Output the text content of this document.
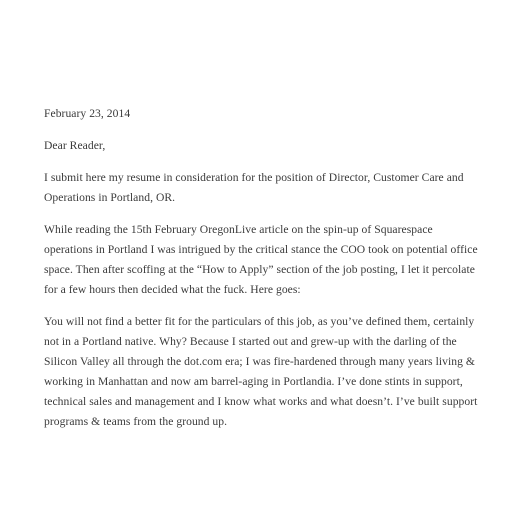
February 23, 2014

Dear Reader,

I submit here my resume in consideration for the position of Director, Customer Care and Operations in Portland, OR.

While reading the 15th February OregonLive article on the spin-up of Squarespace operations in Portland I was intrigued by the critical stance the COO took on potential office space. Then after scoffing at the “How to Apply” section of the job posting, I let it percolate for a few hours then decided what the fuck. Here goes:

You will not find a better fit for the particulars of this job, as you’ve defined them, certainly not in a Portland native. Why? Because I started out and grew-up with the darling of the Silicon Valley all through the dot.com era; I was fire-hardened through many years living & working in Manhattan and now am barrel-aging in Portlandia. I’ve done stints in support, technical sales and management and I know what works and what doesn’t. I’ve built support programs & teams from the ground up.
